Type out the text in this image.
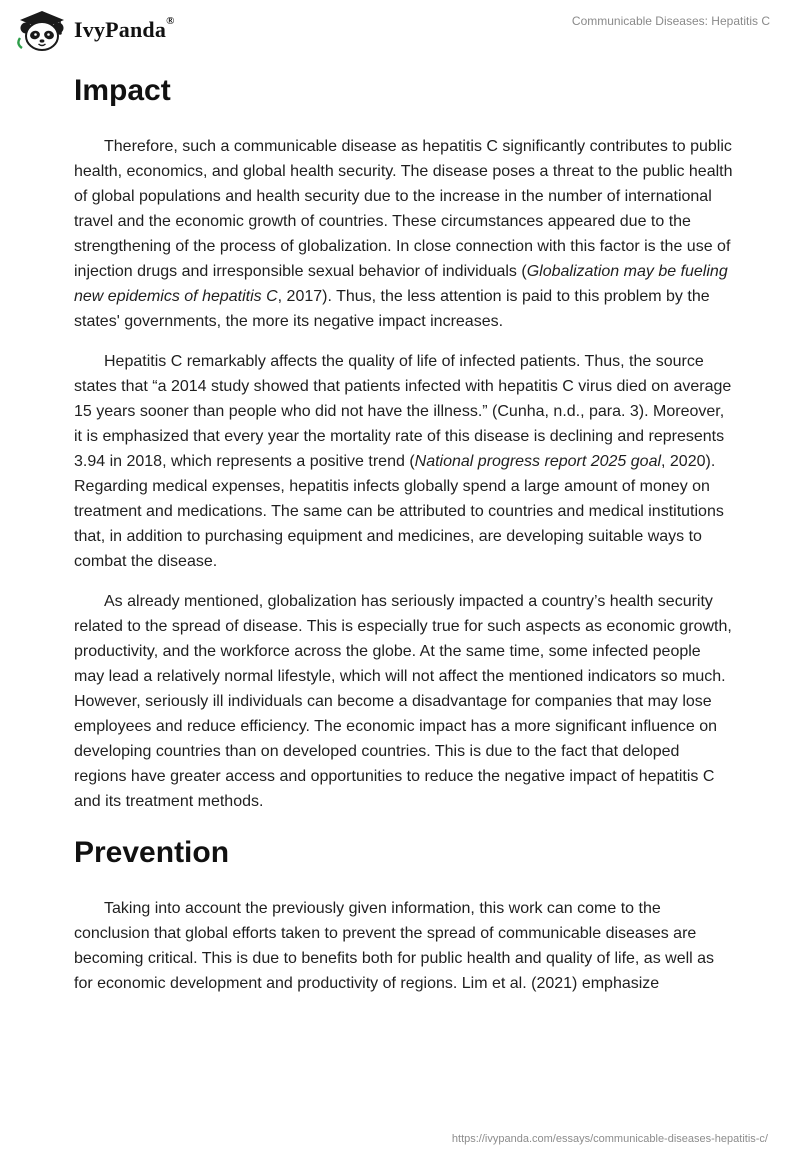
IvyPanda®	Communicable Diseases: Hepatitis C
Impact

Therefore, such a communicable disease as hepatitis C significantly contributes to public health, economics, and global health security. The disease poses a threat to the public health of global populations and health security due to the increase in the number of international travel and the economic growth of countries. These circumstances appeared due to the strengthening of the process of globalization. In close connection with this factor is the use of injection drugs and irresponsible sexual behavior of individuals (Globalization may be fueling new epidemics of hepatitis C, 2017). Thus, the less attention is paid to this problem by the states' governments, the more its negative impact increases.

Hepatitis C remarkably affects the quality of life of infected patients. Thus, the source states that “a 2014 study showed that patients infected with hepatitis C virus died on average 15 years sooner than people who did not have the illness.” (Cunha, n.d., para. 3). Moreover, it is emphasized that every year the mortality rate of this disease is declining and represents 3.94 in 2018, which represents a positive trend (National progress report 2025 goal, 2020). Regarding medical expenses, hepatitis infects globally spend a large amount of money on treatment and medications. The same can be attributed to countries and medical institutions that, in addition to purchasing equipment and medicines, are developing suitable ways to combat the disease.

As already mentioned, globalization has seriously impacted a country’s health security related to the spread of disease. This is especially true for such aspects as economic growth, productivity, and the workforce across the globe. At the same time, some infected people may lead a relatively normal lifestyle, which will not affect the mentioned indicators so much. However, seriously ill individuals can become a disadvantage for companies that may lose employees and reduce efficiency. The economic impact has a more significant influence on developing countries than on developed countries. This is due to the fact that deloped regions have greater access and opportunities to reduce the negative impact of hepatitis C and its treatment methods.

Prevention

Taking into account the previously given information, this work can come to the conclusion that global efforts taken to prevent the spread of communicable diseases are becoming critical. This is due to benefits both for public health and quality of life, as well as for economic development and productivity of regions. Lim et al. (2021) emphasize

https://ivypanda.com/essays/communicable-diseases-hepatitis-c/
